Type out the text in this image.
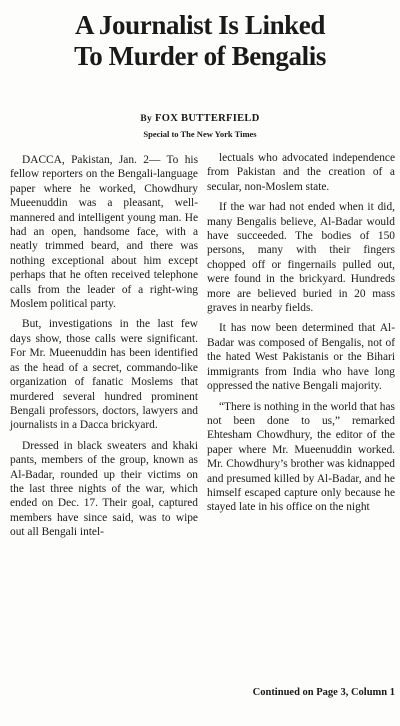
A Journalist Is Linked
To Murder of Bengalis
By FOX BUTTERFIELD
Special to The New York Times

DACCA, Pakistan, Jan. 2— To his fellow reporters on the Bengali-language paper where he worked, Chowdhury Mueenuddin was a pleasant, well-mannered and intelligent young man. He had an open, handsome face, with a neatly trimmed beard, and there was nothing exceptional about him except perhaps that he often received telephone calls from the leader of a right-wing Moslem political party.

But, investigations in the last few days show, those calls were significant. For Mr. Mueenuddin has been identified as the head of a secret, commando-like organization of fanatic Moslems that murdered several hundred prominent Bengali professors, doctors, lawyers and journalists in a Dacca brickyard.

Dressed in black sweaters and khaki pants, members of the group, known as Al-Badar, rounded up their victims on the last three nights of the war, which ended on Dec. 17. Their goal, captured members have since said, was to wipe out all Bengali intel-

lectuals who advocated independence from Pakistan and the creation of a secular, non-Moslem state.

If the war had not ended when it did, many Bengalis believe, Al-Badar would have succeeded. The bodies of 150 persons, many with their fingers chopped off or fingernails pulled out, were found in the brickyard. Hundreds more are believed buried in 20 mass graves in nearby fields.

It has now been determined that Al-Badar was composed of Bengalis, not of the hated West Pakistanis or the Bihari immigrants from India who have long oppressed the native Bengali majority.

“There is nothing in the world that has not been done to us,” remarked Ehtesham Chowdhury, the editor of the paper where Mr. Mueenuddin worked. Mr. Chowdhury’s brother was kidnapped and presumed killed by Al-Badar, and he himself escaped capture only because he stayed late in his office on the night

Continued on Page 3, Column 1
